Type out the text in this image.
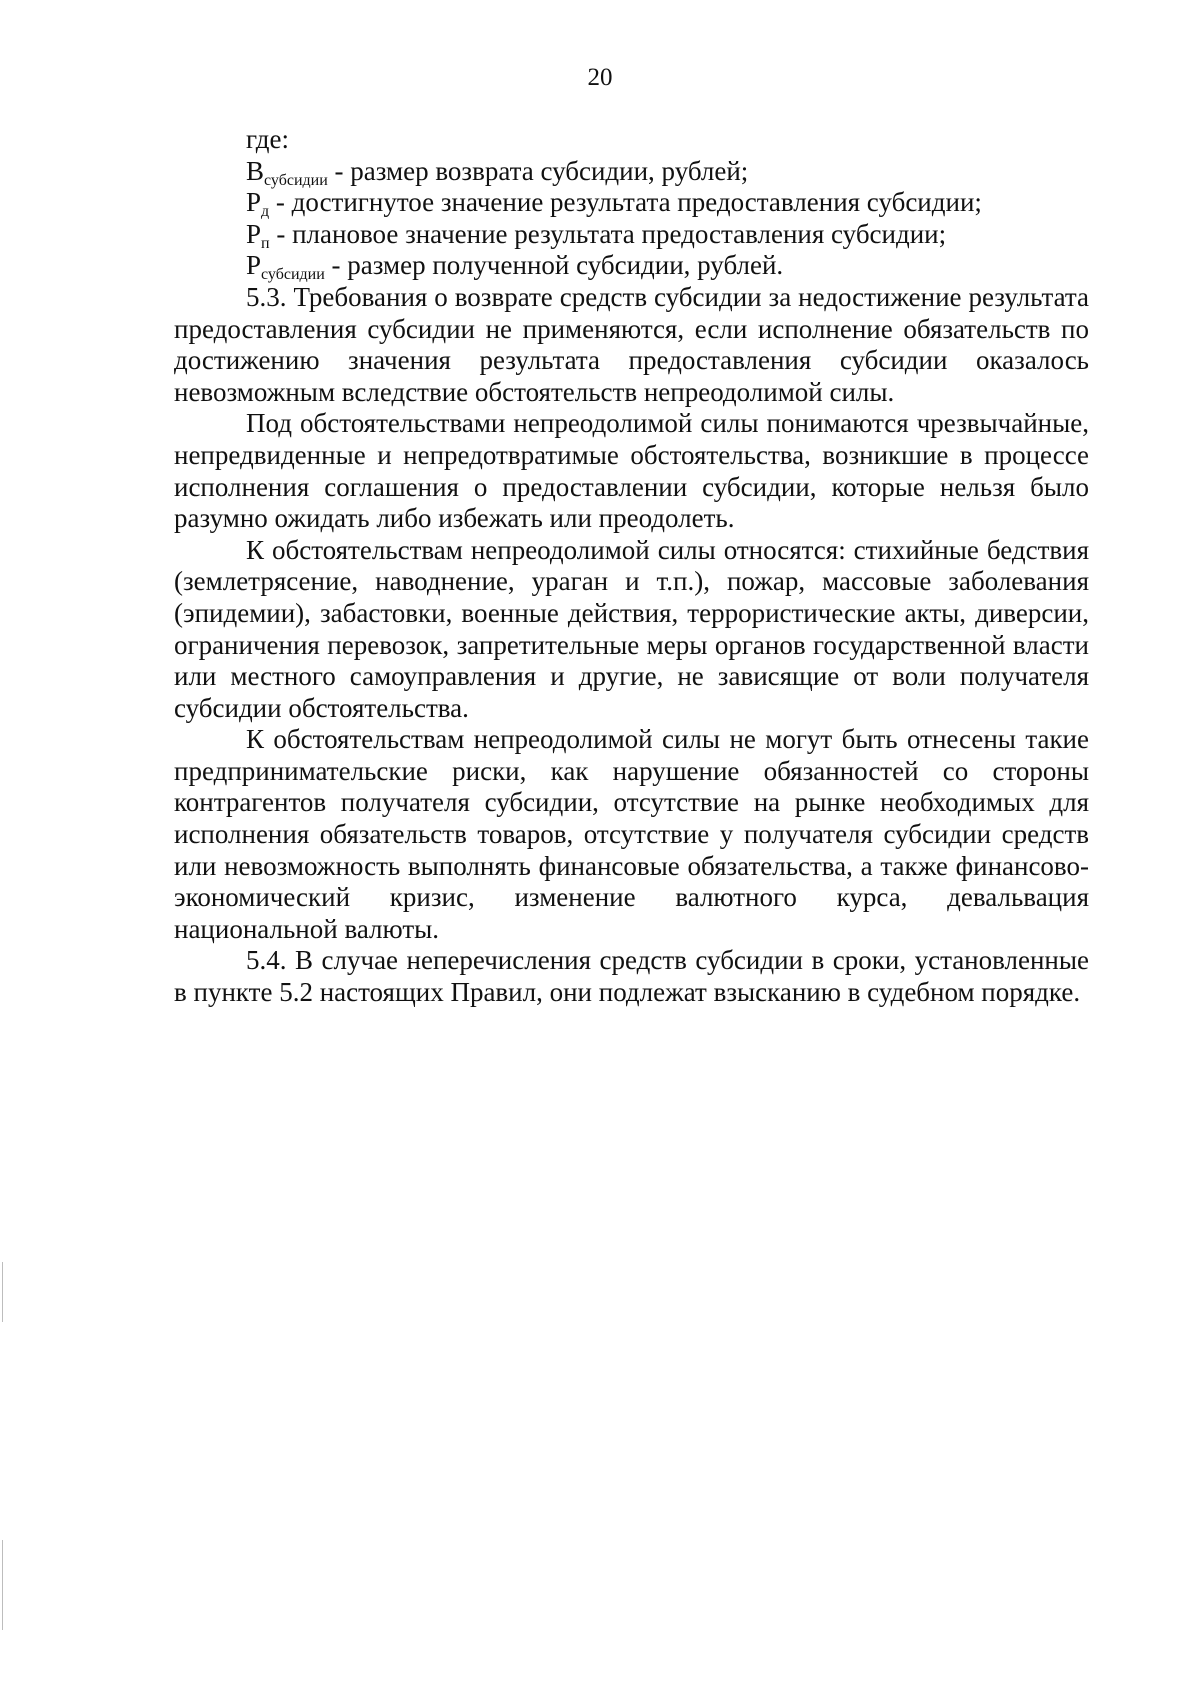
20

где:

$В_{субсидии}$ - размер возврата субсидии, рублей;

$Р_д$ - достигнутое значение результата предоставления субсидии;

$Р_п$ - плановое значение результата предоставления субсидии;

$Р_{субсидии}$ - размер полученной субсидии, рублей.

5.3. Требования о возврате средств субсидии за недостижение результата предоставления субсидии не применяются, если исполнение обязательств по достижению значения результата предоставления субсидии оказалось невозможным вследствие обстоятельств непреодолимой силы.

Под обстоятельствами непреодолимой силы понимаются чрезвычайные, непредвиденные и непредотвратимые обстоятельства, возникшие в процессе исполнения соглашения о предоставлении субсидии, которые нельзя было разумно ожидать либо избежать или преодолеть.

К обстоятельствам непреодолимой силы относятся: стихийные бедствия (землетрясение, наводнение, ураган и т.п.), пожар, массовые заболевания (эпидемии), забастовки, военные действия, террористические акты, диверсии, ограничения перевозок, запретительные меры органов государственной власти или местного самоуправления и другие, не зависящие от воли получателя субсидии обстоятельства.

К обстоятельствам непреодолимой силы не могут быть отнесены такие предпринимательские риски, как нарушение обязанностей со стороны контрагентов получателя субсидии, отсутствие на рынке необходимых для исполнения обязательств товаров, отсутствие у получателя субсидии средств или невозможность выполнять финансовые обязательства, а также финансово-экономический кризис, изменение валютного курса, девальвация национальной валюты.

5.4. В случае неперечисления средств субсидии в сроки, установленные в пункте 5.2 настоящих Правил, они подлежат взысканию в судебном порядке.
